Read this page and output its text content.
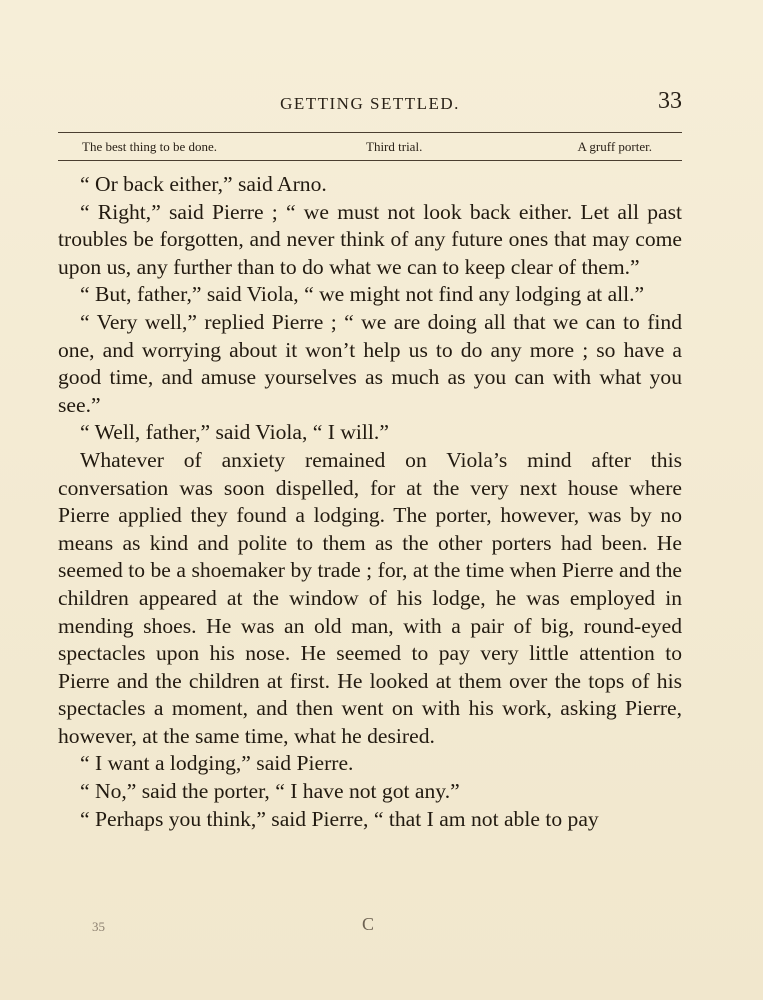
GETTING SETTLED.	33
The best thing to be done.	Third trial.	A gruff porter.

“ Or back either,” said Arno.

“ Right,” said Pierre ; “ we must not look back either. Let all past troubles be forgotten, and never think of any future ones that may come upon us, any further than to do what we can to keep clear of them.”

“ But, father,” said Viola, “ we might not find any lodging at all.”

“ Very well,” replied Pierre ; “ we are doing all that we can to find one, and worrying about it won’t help us to do any more ; so have a good time, and amuse yourselves as much as you can with what you see.”

“ Well, father,” said Viola, “ I will.”

Whatever of anxiety remained on Viola’s mind after this conversation was soon dispelled, for at the very next house where Pierre applied they found a lodging. The porter, however, was by no means as kind and polite to them as the other porters had been. He seemed to be a shoemaker by trade ; for, at the time when Pierre and the children appeared at the window of his lodge, he was employed in mending shoes. He was an old man, with a pair of big, round-eyed spectacles upon his nose. He seemed to pay very little attention to Pierre and the children at first. He looked at them over the tops of his spectacles a moment, and then went on with his work, asking Pierre, however, at the same time, what he desired.

“ I want a lodging,” said Pierre.

“ No,” said the porter, “ I have not got any.”

“ Perhaps you think,” said Pierre, “ that I am not able to pay

35	C
